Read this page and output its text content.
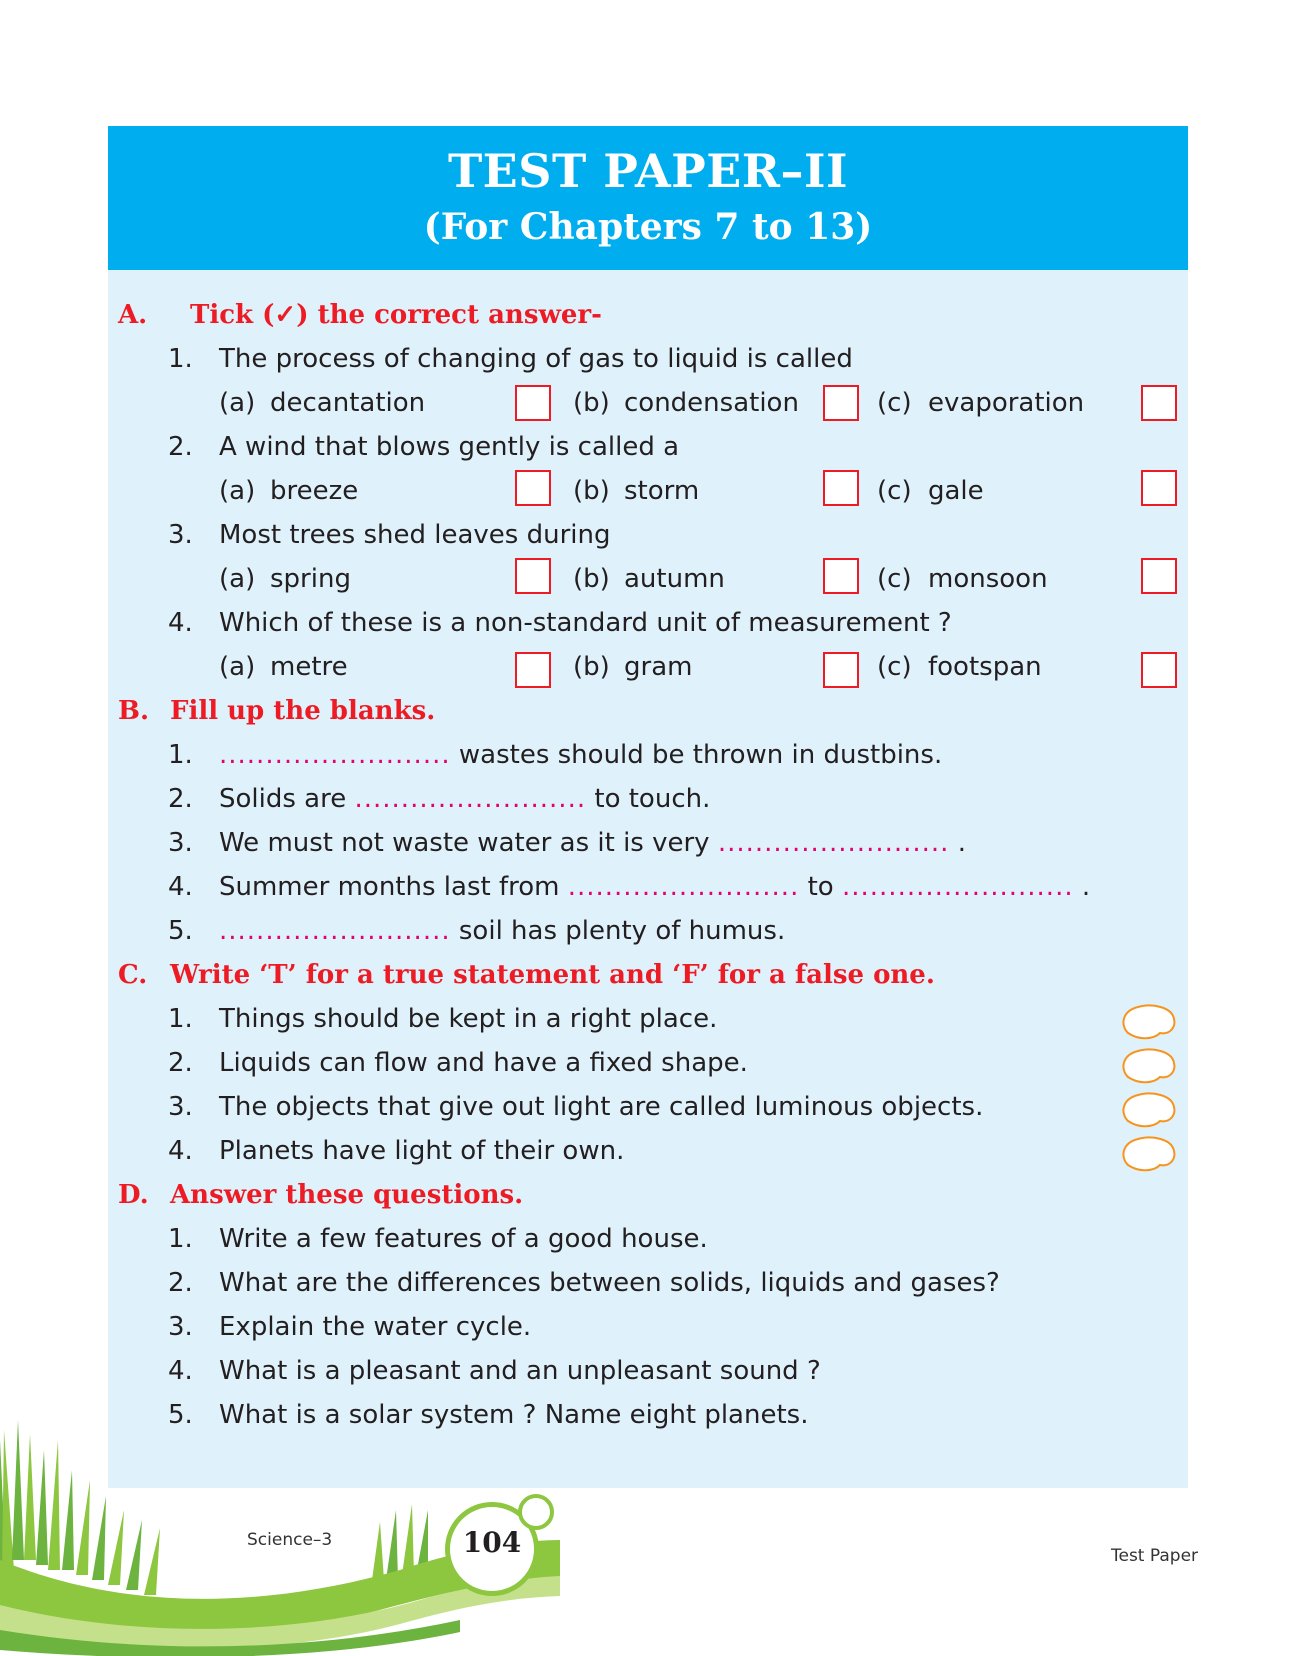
TEST PAPER–II
(For Chapters 7 to 13)
A. Tick (✓) the correct answer-
1. The process of changing of gas to liquid is called
(a) decantation	(b) condensation	(c) evaporation
2. A wind that blows gently is called a
(a) breeze	(b) storm	(c) gale
3. Most trees shed leaves during
(a) spring	(b) autumn	(c) monsoon
4. Which of these is a non-standard unit of measurement ?
(a) metre	(b) gram	(c) footspan
B. Fill up the blanks.
1. ......................... wastes should be thrown in dustbins.
2. Solids are ......................... to touch.
3. We must not waste water as it is very ......................... .
4. Summer months last from ......................... to ......................... .
5. ......................... soil has plenty of humus.
C. Write ‘T’ for a true statement and ‘F’ for a false one.
1. Things should be kept in a right place.
2. Liquids can flow and have a fixed shape.
3. The objects that give out light are called luminous objects.
4. Planets have light of their own.
D. Answer these questions.
1. Write a few features of a good house.
2. What are the differences between solids, liquids and gases?
3. Explain the water cycle.
4. What is a pleasant and an unpleasant sound ?
5. What is a solar system ? Name eight planets.
Science–3	104	Test Paper
